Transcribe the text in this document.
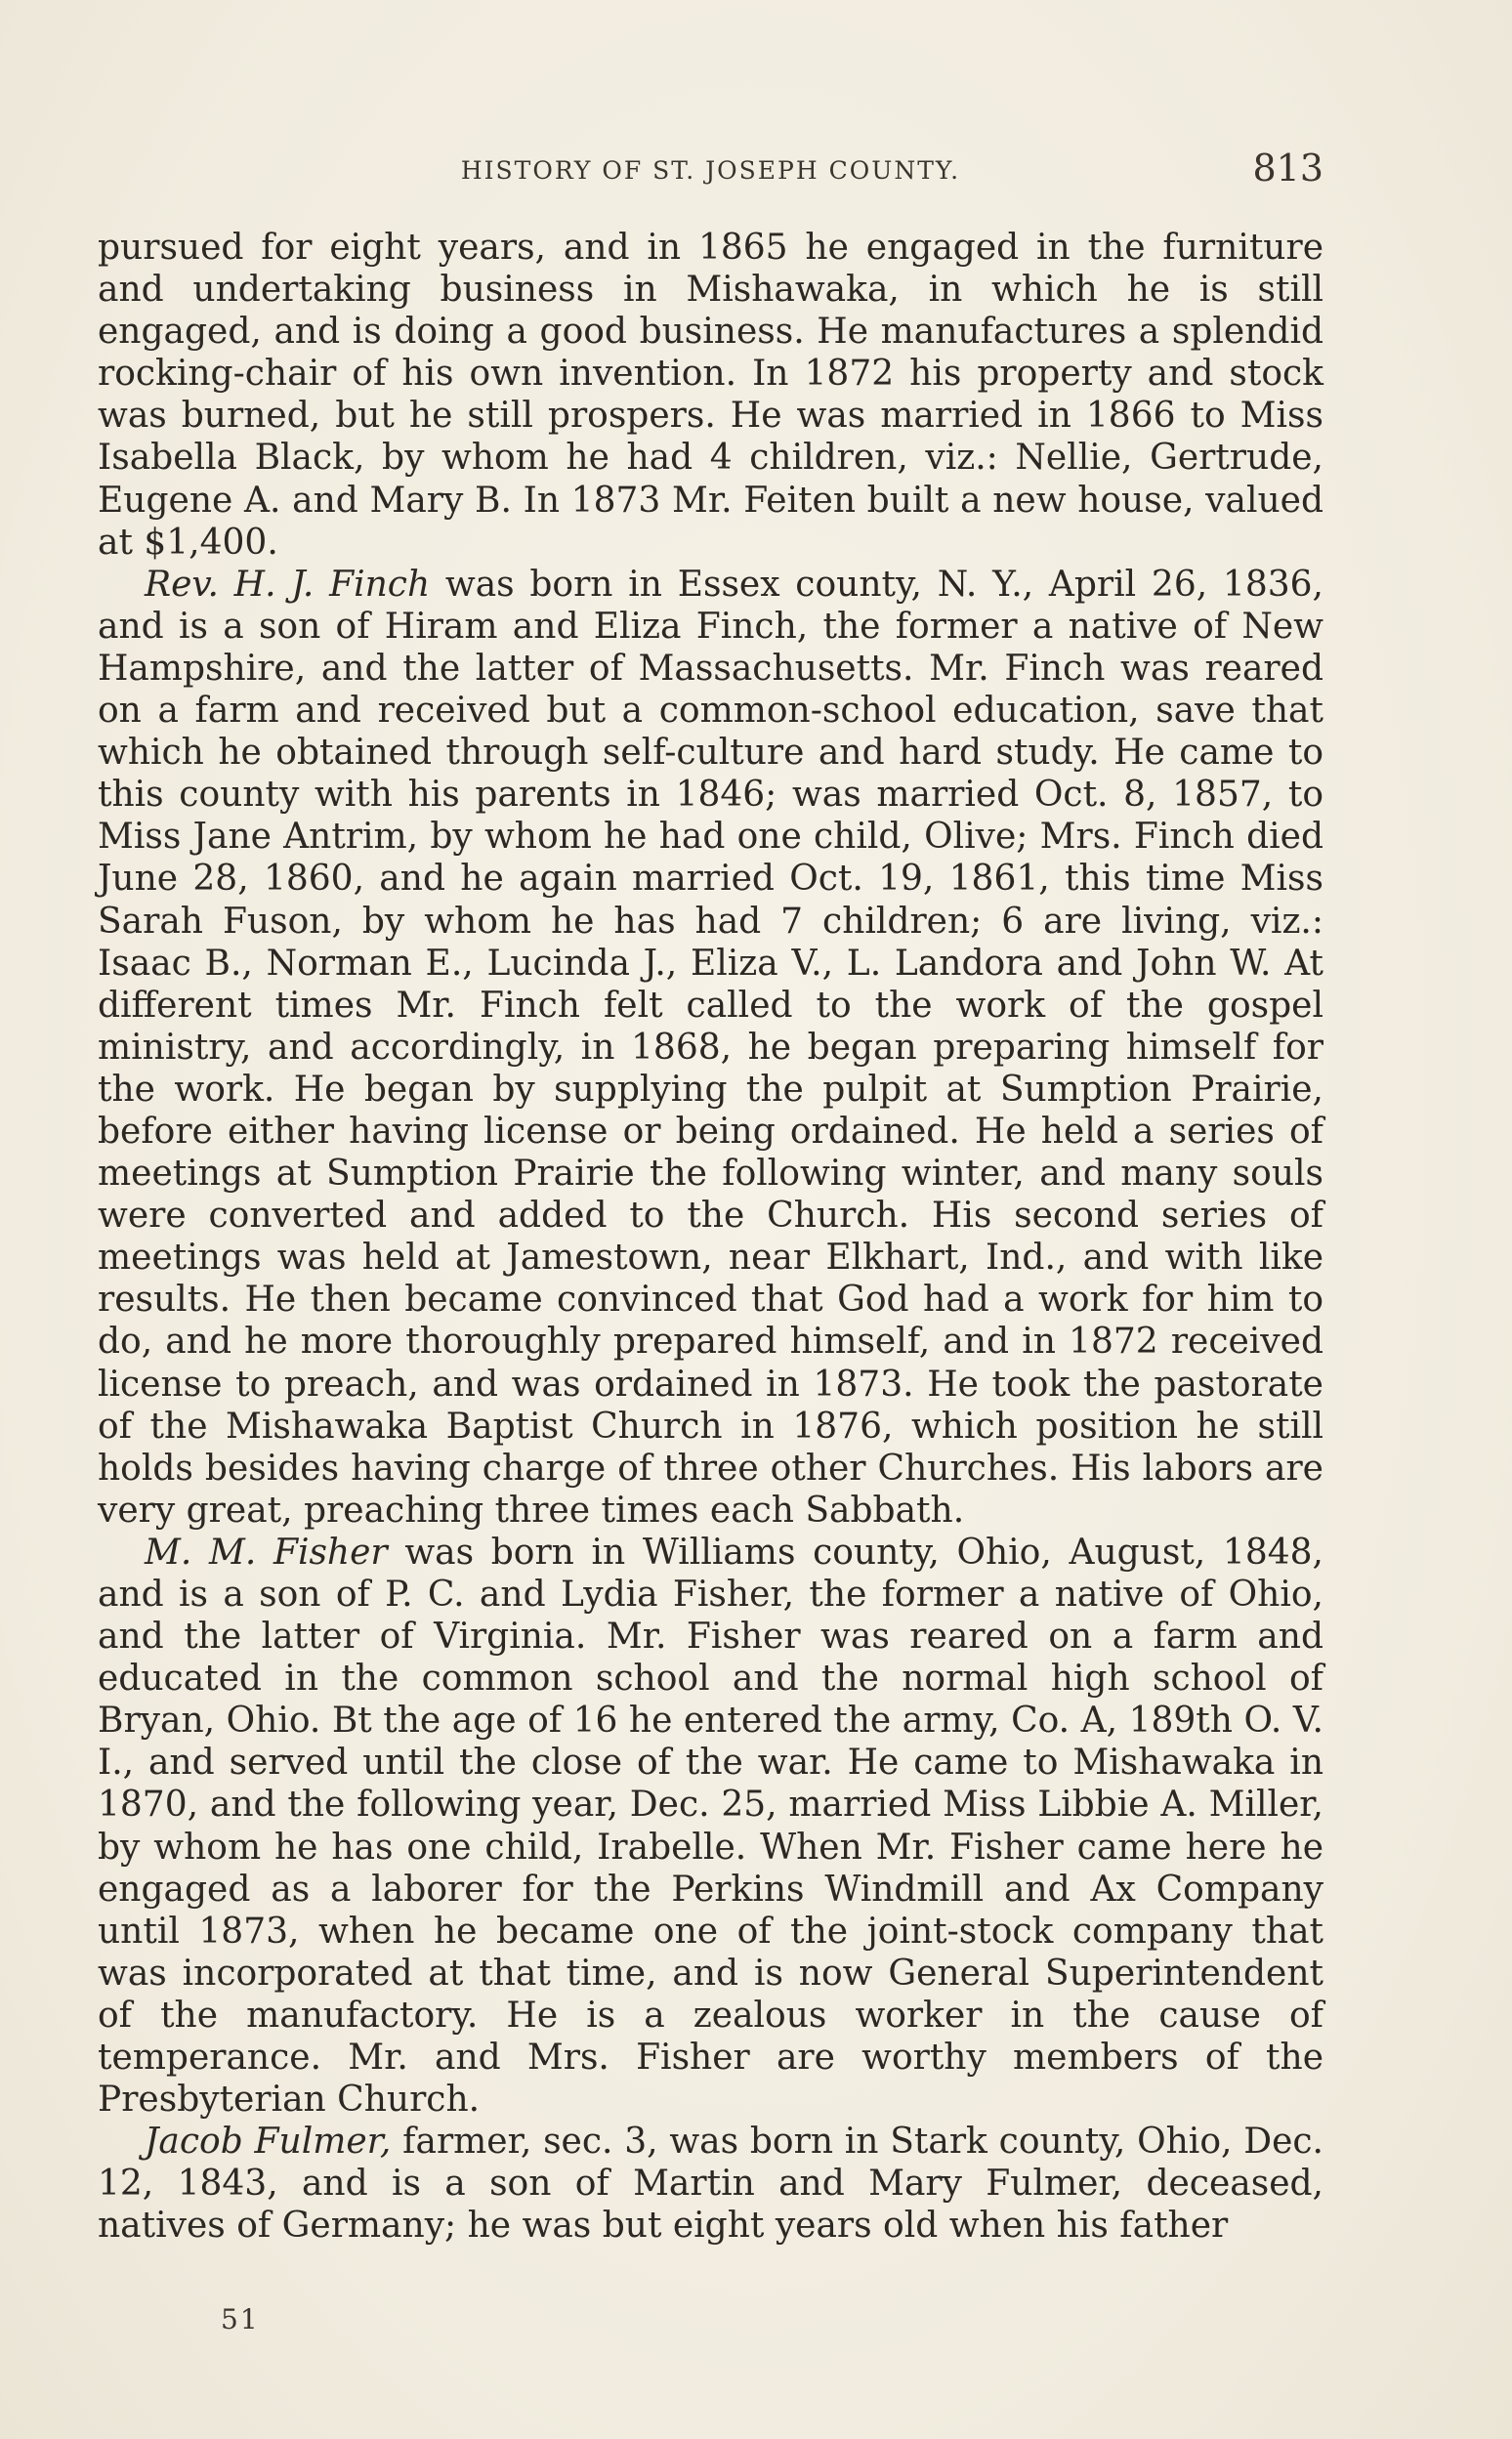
HISTORY OF ST. JOSEPH COUNTY.	813

pursued for eight years, and in 1865 he engaged in the furniture and undertaking business in Mishawaka, in which he is still engaged, and is doing a good business. He manufactures a splendid rocking-chair of his own invention. In 1872 his property and stock was burned, but he still prospers. He was married in 1866 to Miss Isabella Black, by whom he had 4 children, viz.: Nellie, Gertrude, Eugene A. and Mary B. In 1873 Mr. Feiten built a new house, valued at $1,400.

Rev. H. J. Finch was born in Essex county, N. Y., April 26, 1836, and is a son of Hiram and Eliza Finch, the former a native of New Hampshire, and the latter of Massachusetts. Mr. Finch was reared on a farm and received but a common-school education, save that which he obtained through self-culture and hard study. He came to this county with his parents in 1846; was married Oct. 8, 1857, to Miss Jane Antrim, by whom he had one child, Olive; Mrs. Finch died June 28, 1860, and he again married Oct. 19, 1861, this time Miss Sarah Fuson, by whom he has had 7 children; 6 are living, viz.: Isaac B., Norman E., Lucinda J., Eliza V., L. Landora and John W. At different times Mr. Finch felt called to the work of the gospel ministry, and accordingly, in 1868, he began preparing himself for the work. He began by supplying the pulpit at Sumption Prairie, before either having license or being ordained. He held a series of meetings at Sumption Prairie the following winter, and many souls were converted and added to the Church. His second series of meetings was held at Jamestown, near Elkhart, Ind., and with like results. He then became convinced that God had a work for him to do, and he more thoroughly prepared himself, and in 1872 received license to preach, and was ordained in 1873. He took the pastorate of the Mishawaka Baptist Church in 1876, which position he still holds besides having charge of three other Churches. His labors are very great, preaching three times each Sabbath.

M. M. Fisher was born in Williams county, Ohio, August, 1848, and is a son of P. C. and Lydia Fisher, the former a native of Ohio, and the latter of Virginia. Mr. Fisher was reared on a farm and educated in the common school and the normal high school of Bryan, Ohio. Bt the age of 16 he entered the army, Co. A, 189th O. V. I., and served until the close of the war. He came to Mishawaka in 1870, and the following year, Dec. 25, married Miss Libbie A. Miller, by whom he has one child, Irabelle. When Mr. Fisher came here he engaged as a laborer for the Perkins Windmill and Ax Company until 1873, when he became one of the joint-stock company that was incorporated at that time, and is now General Superintendent of the manufactory. He is a zealous worker in the cause of temperance. Mr. and Mrs. Fisher are worthy members of the Presbyterian Church.

Jacob Fulmer, farmer, sec. 3, was born in Stark county, Ohio, Dec. 12, 1843, and is a son of Martin and Mary Fulmer, deceased, natives of Germany; he was but eight years old when his father

51
